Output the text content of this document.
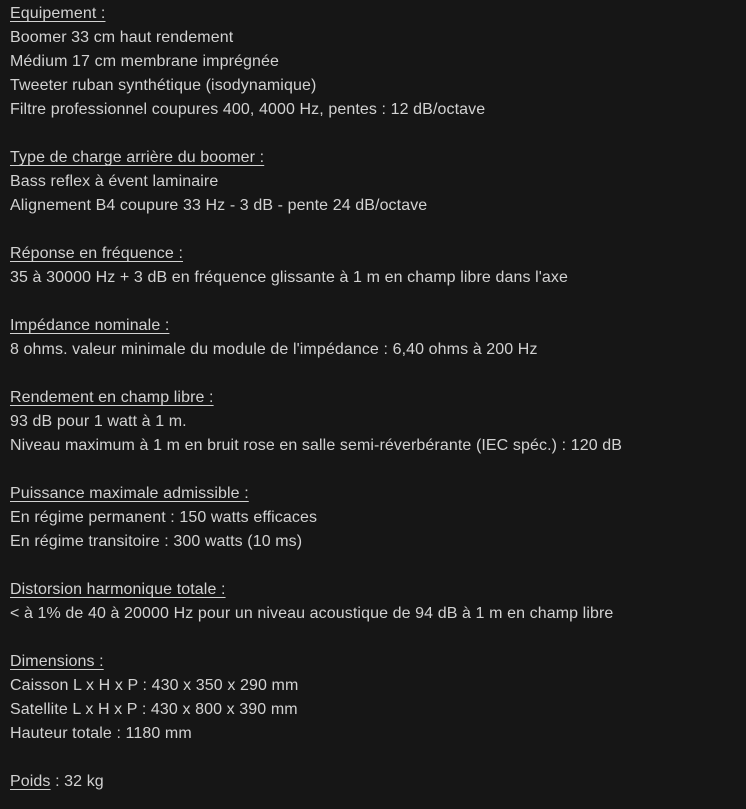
Equipement :
Boomer 33 cm haut rendement
Médium 17 cm membrane imprégnée
Tweeter ruban synthétique (isodynamique)
Filtre professionnel coupures 400, 4000 Hz, pentes : 12 dB/octave
Type de charge arrière du boomer :
Bass reflex à évent laminaire
Alignement B4 coupure 33 Hz - 3 dB - pente 24 dB/octave
Réponse en fréquence :
35 à 30000 Hz + 3 dB en fréquence glissante à 1 m en champ libre dans l'axe
Impédance nominale :
8 ohms. valeur minimale du module de l'impédance : 6,40 ohms à 200 Hz
Rendement en champ libre :
93 dB pour 1 watt à 1 m.
Niveau maximum à 1 m en bruit rose en salle semi-réverbérante (IEC spéc.) : 120 dB
Puissance maximale admissible :
En régime permanent : 150 watts efficaces
En régime transitoire : 300 watts (10 ms)
Distorsion harmonique totale :
< à 1% de 40 à 20000 Hz pour un niveau acoustique de 94 dB à 1 m en champ libre
Dimensions :
Caisson L x H x P : 430 x 350 x 290 mm
Satellite L x H x P : 430 x 800 x 390 mm
Hauteur totale : 1180 mm
Poids : 32 kg
